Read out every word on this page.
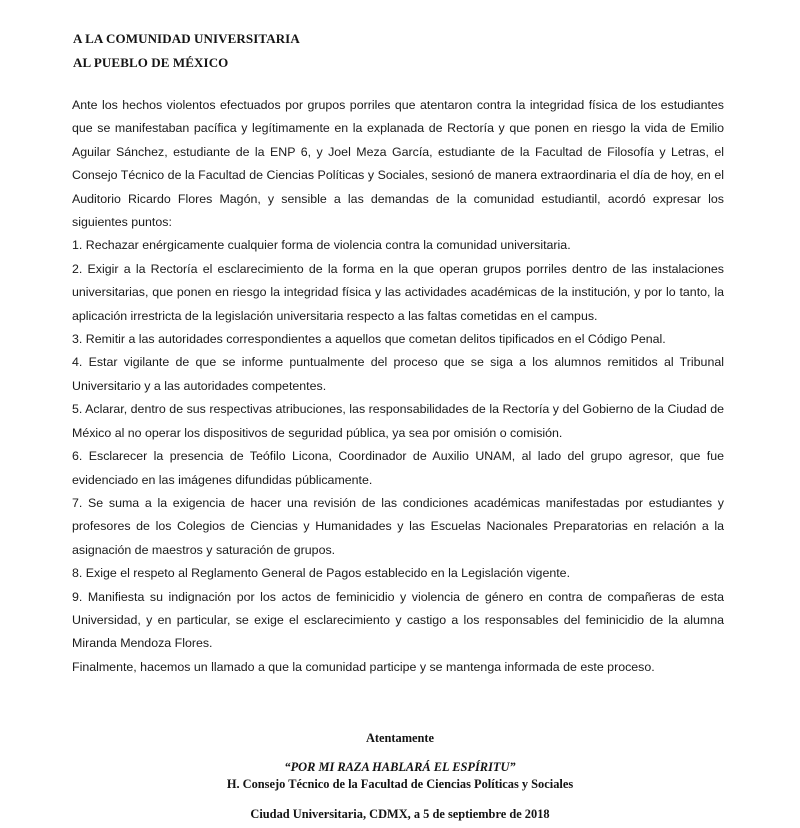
A LA COMUNIDAD UNIVERSITARIA
AL PUEBLO DE MÉXICO

Ante los hechos violentos efectuados por grupos porriles que atentaron contra la integridad física de los estudiantes que se manifestaban pacífica y legítimamente en la explanada de Rectoría y que ponen en riesgo la vida de Emilio Aguilar Sánchez, estudiante de la ENP 6, y Joel Meza García, estudiante de la Facultad de Filosofía y Letras, el Consejo Técnico de la Facultad de Ciencias Políticas y Sociales, sesionó de manera extraordinaria el día de hoy, en el Auditorio Ricardo Flores Magón, y sensible a las demandas de la comunidad estudiantil, acordó expresar los siguientes puntos:

1. Rechazar enérgicamente cualquier forma de violencia contra la comunidad universitaria.

2. Exigir a la Rectoría el esclarecimiento de la forma en la que operan grupos porriles dentro de las instalaciones universitarias, que ponen en riesgo la integridad física y las actividades académicas de la institución, y por lo tanto, la aplicación irrestricta de la legislación universitaria respecto a las faltas cometidas en el campus.

3. Remitir a las autoridades correspondientes a aquellos que cometan delitos tipificados en el Código Penal.

4. Estar vigilante de que se informe puntualmente del proceso que se siga a los alumnos remitidos al Tribunal Universitario y a las autoridades competentes.

5. Aclarar, dentro de sus respectivas atribuciones, las responsabilidades de la Rectoría y del Gobierno de la Ciudad de México al no operar los dispositivos de seguridad pública, ya sea por omisión o comisión.

6. Esclarecer la presencia de Teófilo Licona, Coordinador de Auxilio UNAM, al lado del grupo agresor, que fue evidenciado en las imágenes difundidas públicamente.

7. Se suma a la exigencia de hacer una revisión de las condiciones académicas manifestadas por estudiantes y profesores de los Colegios de Ciencias y Humanidades y las Escuelas Nacionales Preparatorias en relación a la asignación de maestros y saturación de grupos.

8. Exige el respeto al Reglamento General de Pagos establecido en la Legislación vigente.

9. Manifiesta su indignación por los actos de feminicidio y violencia de género en contra de compañeras de esta Universidad, y en particular, se exige el esclarecimiento y castigo a los responsables del feminicidio de la alumna Miranda Mendoza Flores.

Finalmente, hacemos un llamado a que la comunidad participe y se mantenga informada de este proceso.

Atentamente
“POR MI RAZA HABLARÁ EL ESPÍRITU”
H. Consejo Técnico de la Facultad de Ciencias Políticas y Sociales
Ciudad Universitaria, CDMX, a 5 de septiembre de 2018
